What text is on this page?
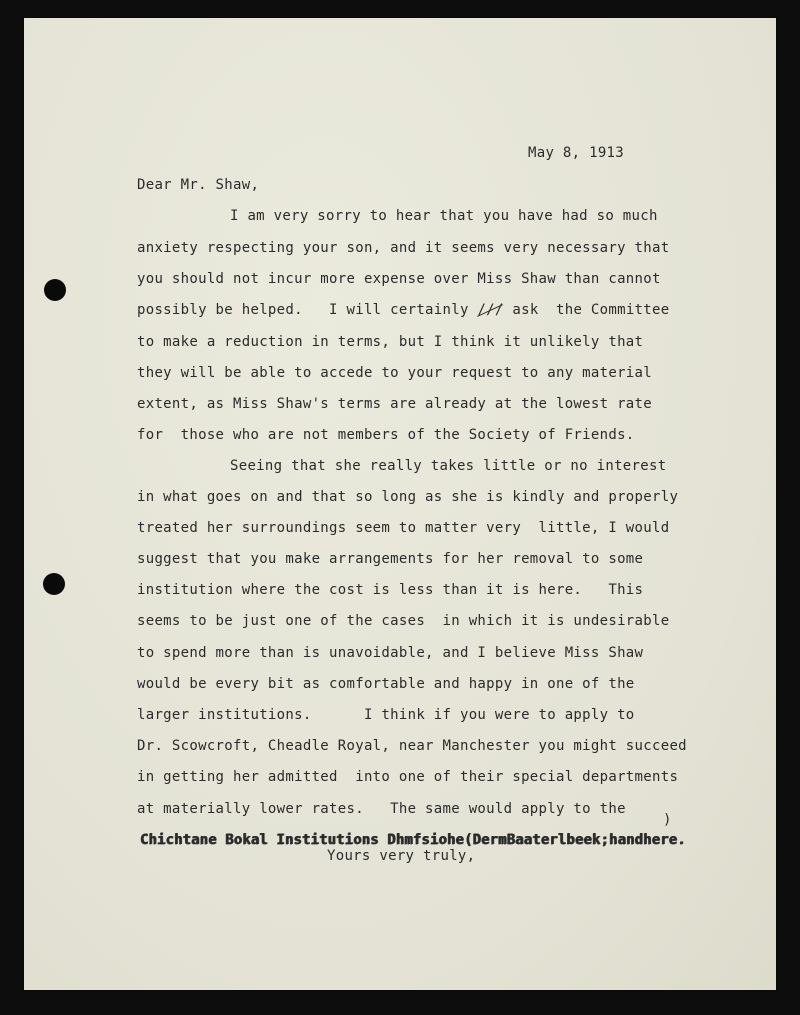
May 8, 1913
Dear Mr. Shaw,
I am very sorry to hear that you have had so much
anxiety respecting your son, and it seems very necessary that
you should not incur more expense over Miss Shaw than cannot
possibly be helped.   I will certainly /// ask  the Committee
to make a reduction in terms, but I think it unlikely that
they will be able to accede to your request to any material
extent, as Miss Shaw's terms are already at the lowest rate
for  those who are not members of the Society of Friends.
Seeing that she really takes little or no interest
in what goes on and that so long as she is kindly and properly
treated her surroundings seem to matter very  little, I would
suggest that you make arrangements for her removal to some
institution where the cost is less than it is here.   This
seems to be just one of the cases  in which it is undesirable
to spend more than is unavoidable, and I believe Miss Shaw
would be every bit as comfortable and happy in one of the
larger institutions.      I think if you were to apply to
Dr. Scowcroft, Cheadle Royal, near Manchester you might succeed
in getting her admitted  into one of their special departments
at materially lower rates.   The same would apply to the
)
Chichtane Bokal Institutions Dhmfsiohe(DermBaaterlbeek;handhere.
Yours very truly,
